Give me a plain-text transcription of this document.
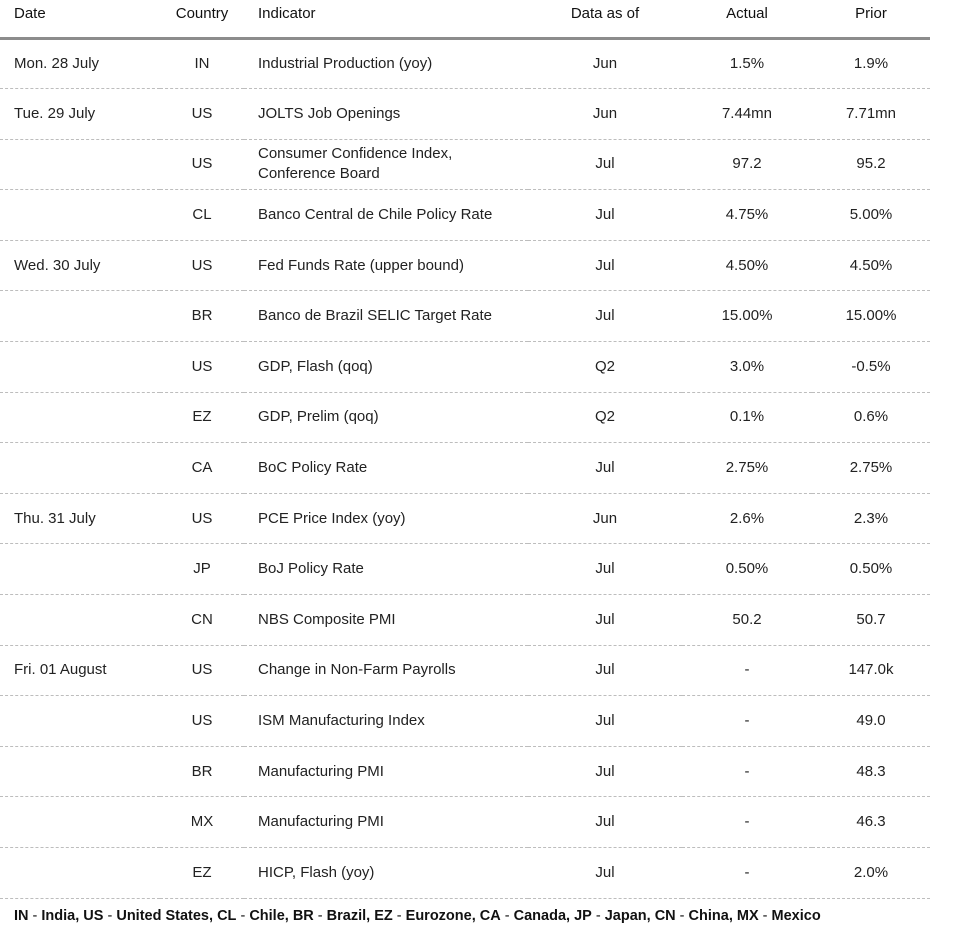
Date	Country	Indicator	Data as of	Actual	Prior
Mon. 28 July	IN	Industrial Production (yoy)	Jun	1.5%	1.9%
Tue. 29 July	US	JOLTS Job Openings	Jun	7.44mn	7.71mn
	US	Consumer Confidence Index,
Conference Board	Jul	97.2	95.2
	CL	Banco Central de Chile Policy Rate	Jul	4.75%	5.00%
Wed. 30 July	US	Fed Funds Rate (upper bound)	Jul	4.50%	4.50%
	BR	Banco de Brazil SELIC Target Rate	Jul	15.00%	15.00%
	US	GDP, Flash (qoq)	Q2	3.0%	-0.5%
	EZ	GDP, Prelim (qoq)	Q2	0.1%	0.6%
	CA	BoC Policy Rate	Jul	2.75%	2.75%
Thu. 31 July	US	PCE Price Index (yoy)	Jun	2.6%	2.3%
	JP	BoJ Policy Rate	Jul	0.50%	0.50%
	CN	NBS Composite PMI	Jul	50.2	50.7
Fri. 01 August	US	Change in Non-Farm Payrolls	Jul	-	147.0k
	US	ISM Manufacturing Index	Jul	-	49.0
	BR	Manufacturing PMI	Jul	-	48.3
	MX	Manufacturing PMI	Jul	-	46.3
	EZ	HICP, Flash (yoy)	Jul	-	2.0%
IN - India, US - United States, CL - Chile, BR - Brazil, EZ - Eurozone, CA - Canada, JP - Japan, CN - China, MX - Mexico
